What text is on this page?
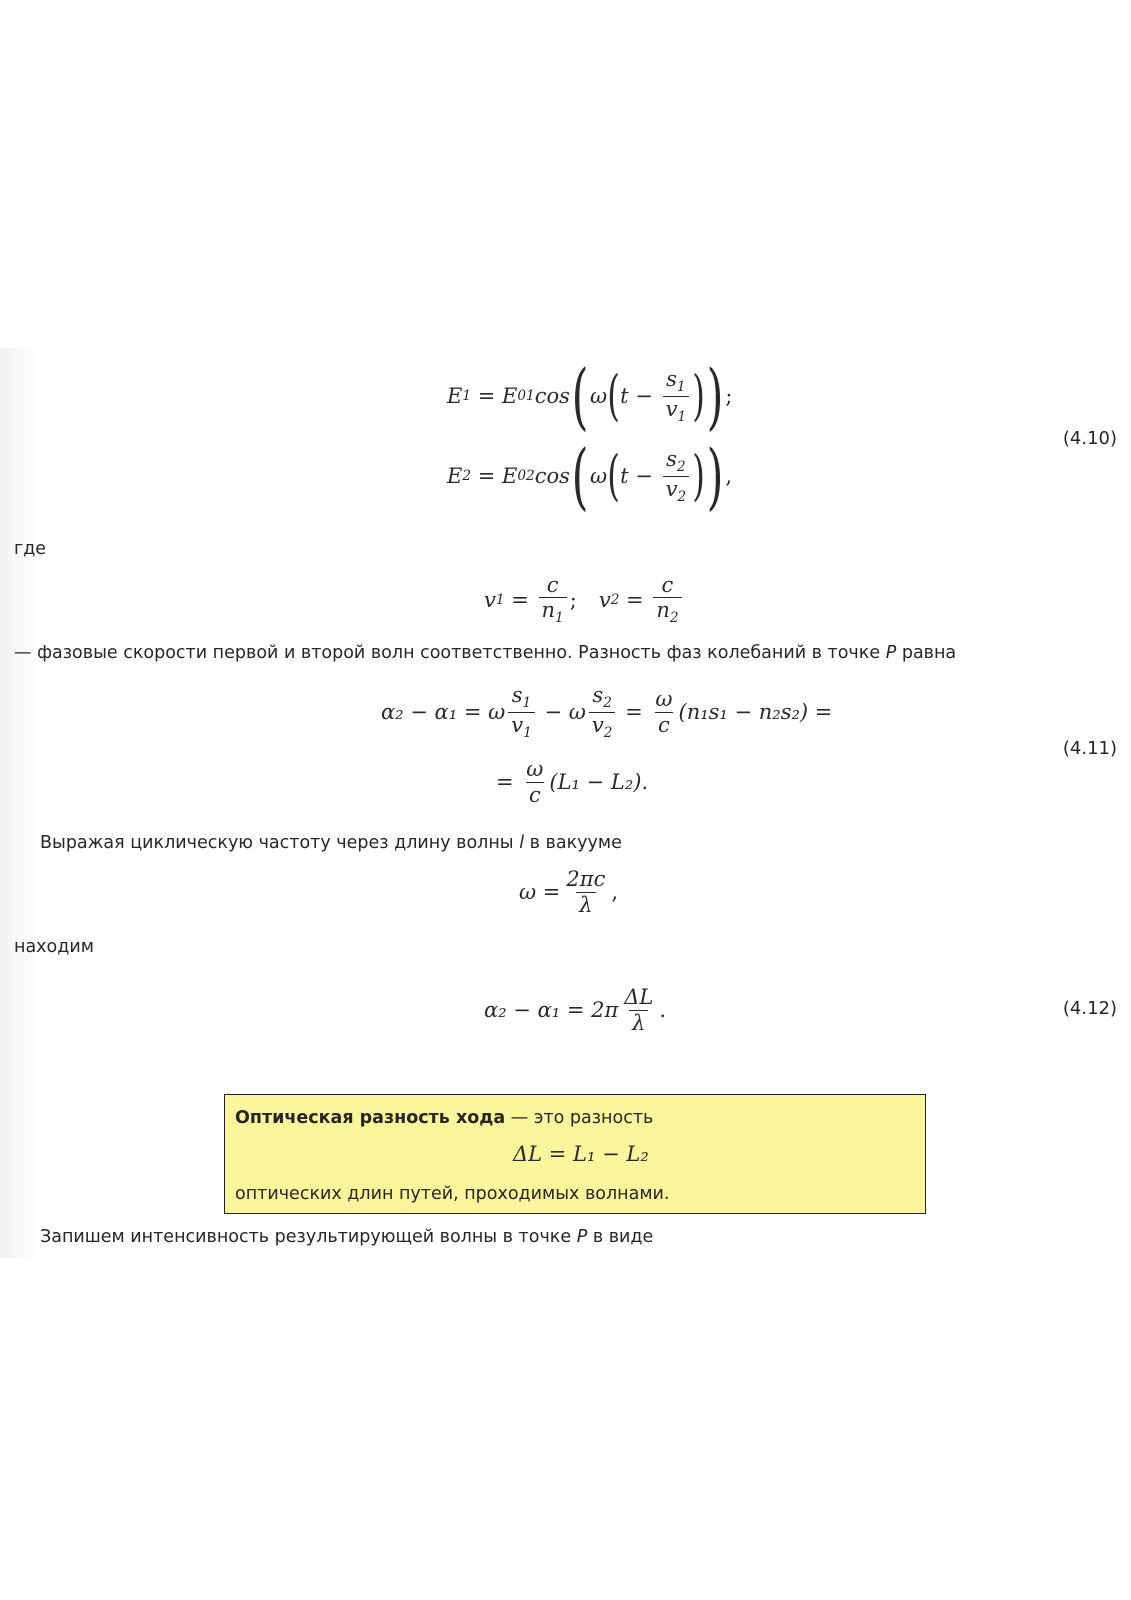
E 1 = E 01 cos ( ω ( $t - \frac{s_1}{v_1}$ ) ) ;
E 2 = E 02 cos ( ω ( $t - \frac{s_2}{v_2}$ ) ) ,
(4.10)
где
v $1 = \frac{c}{n_1}$ ; v $2 = \frac{c}{n_2}$
— фазовые скорости первой и второй волн соответственно. Разность фаз колебаний в точке P равна
α₂ − α₁ = ω $\frac{s_1}{v_1} - \omega \frac{s_2}{v_2} = \frac{\omega}{c} (n_1s_1 - n_2s_2)$ =
= $\frac{\omega}{c} (L_1 - L_2)$.
(4.11)
Выражая циклическую частоту через длину волны l в вакууме
$\omega = \frac{2\pi c}{\lambda}$ ,
находим
$\alpha_2 - \alpha_1 = 2\pi \frac{\Delta L}{\lambda}$ .	(4.12)
Оптическая разность хода — это разность
ΔL = L₁ − L₂
оптических длин путей, проходимых волнами.
Запишем интенсивность результирующей волны в точке P в виде
